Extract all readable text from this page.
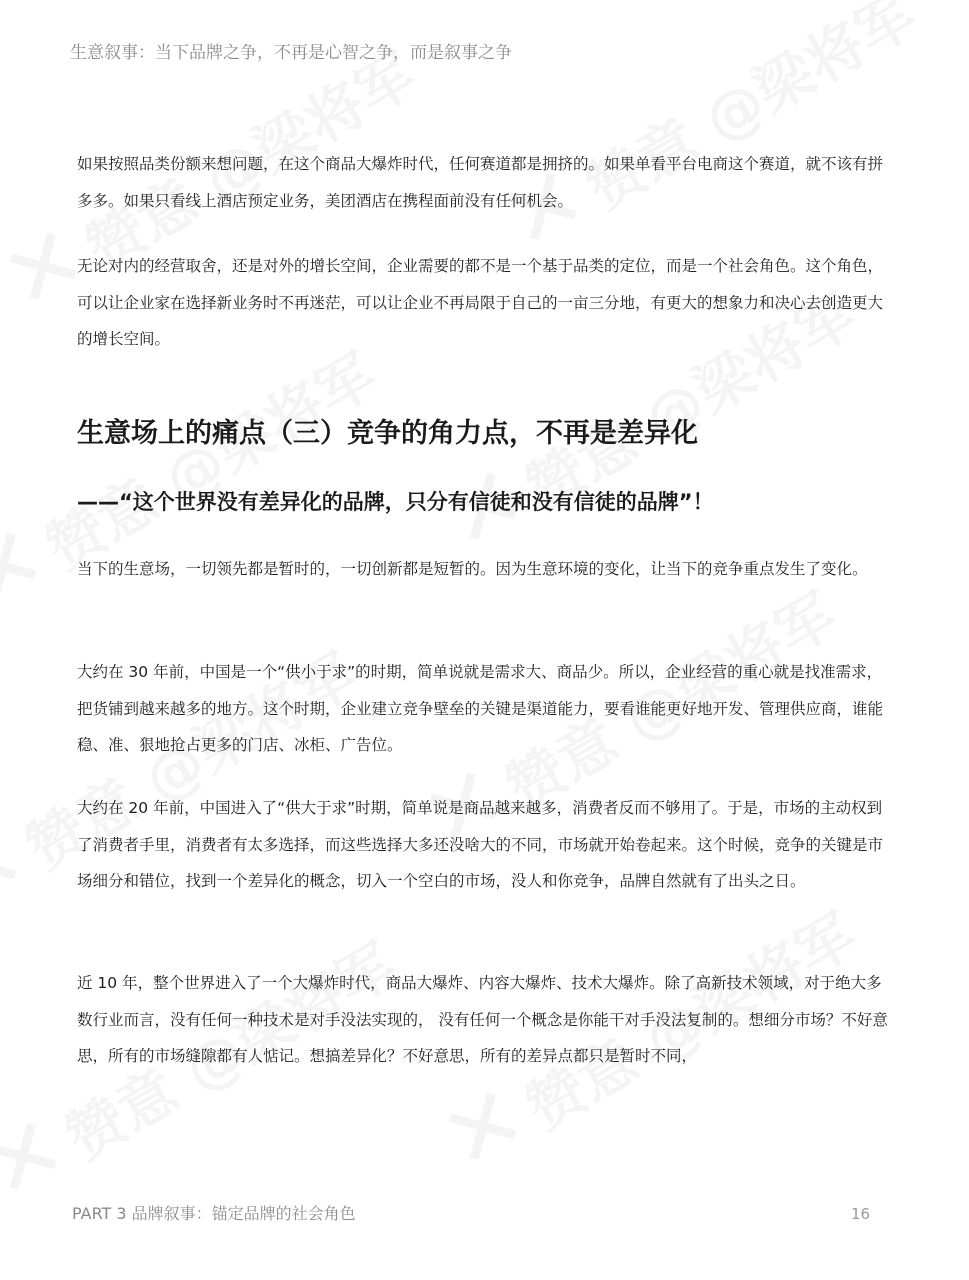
生意叙事：当下品牌之争，不再是心智之争，而是叙事之争

如果按照品类份额来想问题，在这个商品大爆炸时代，任何赛道都是拥挤的。如果单看平台电商这个赛道，就不该有拼多多。如果只看线上酒店预定业务，美团酒店在携程面前没有任何机会。

无论对内的经营取舍，还是对外的增长空间，企业需要的都不是一个基于品类的定位，而是一个社会角色。这个角色，可以让企业家在选择新业务时不再迷茫，可以让企业不再局限于自己的一亩三分地，有更大的想象力和决心去创造更大的增长空间。

生意场上的痛点（三）竞争的角力点，不再是差异化
——“这个世界没有差异化的品牌，只分有信徒和没有信徒的品牌”！

当下的生意场，一切领先都是暂时的，一切创新都是短暂的。因为生意环境的变化，让当下的竞争重点发生了变化。

大约在 30 年前，中国是一个“供小于求”的时期，简单说就是需求大、商品少。所以，企业经营的重心就是找准需求，把货铺到越来越多的地方。这个时期，企业建立竞争壁垒的关键是渠道能力，要看谁能更好地开发、管理供应商，谁能稳、准、狠地抢占更多的门店、冰柜、广告位。

大约在 20 年前，中国进入了“供大于求”时期，简单说是商品越来越多，消费者反而不够用了。于是，市场的主动权到了消费者手里，消费者有太多选择，而这些选择大多还没啥大的不同，市场就开始卷起来。这个时候，竞争的关键是市场细分和错位，找到一个差异化的概念，切入一个空白的市场，没人和你竞争，品牌自然就有了出头之日。

近 10 年，整个世界进入了一个大爆炸时代，商品大爆炸、内容大爆炸、技术大爆炸。除了高新技术领域，对于绝大多数行业而言，没有任何一种技术是对手没法实现的， 没有任何一个概念是你能干对手没法复制的。想细分市场？不好意思，所有的市场缝隙都有人惦记。想搞差异化？不好意思，所有的差异点都只是暂时不同，

PART 3 品牌叙事：锚定品牌的社会角色	16
